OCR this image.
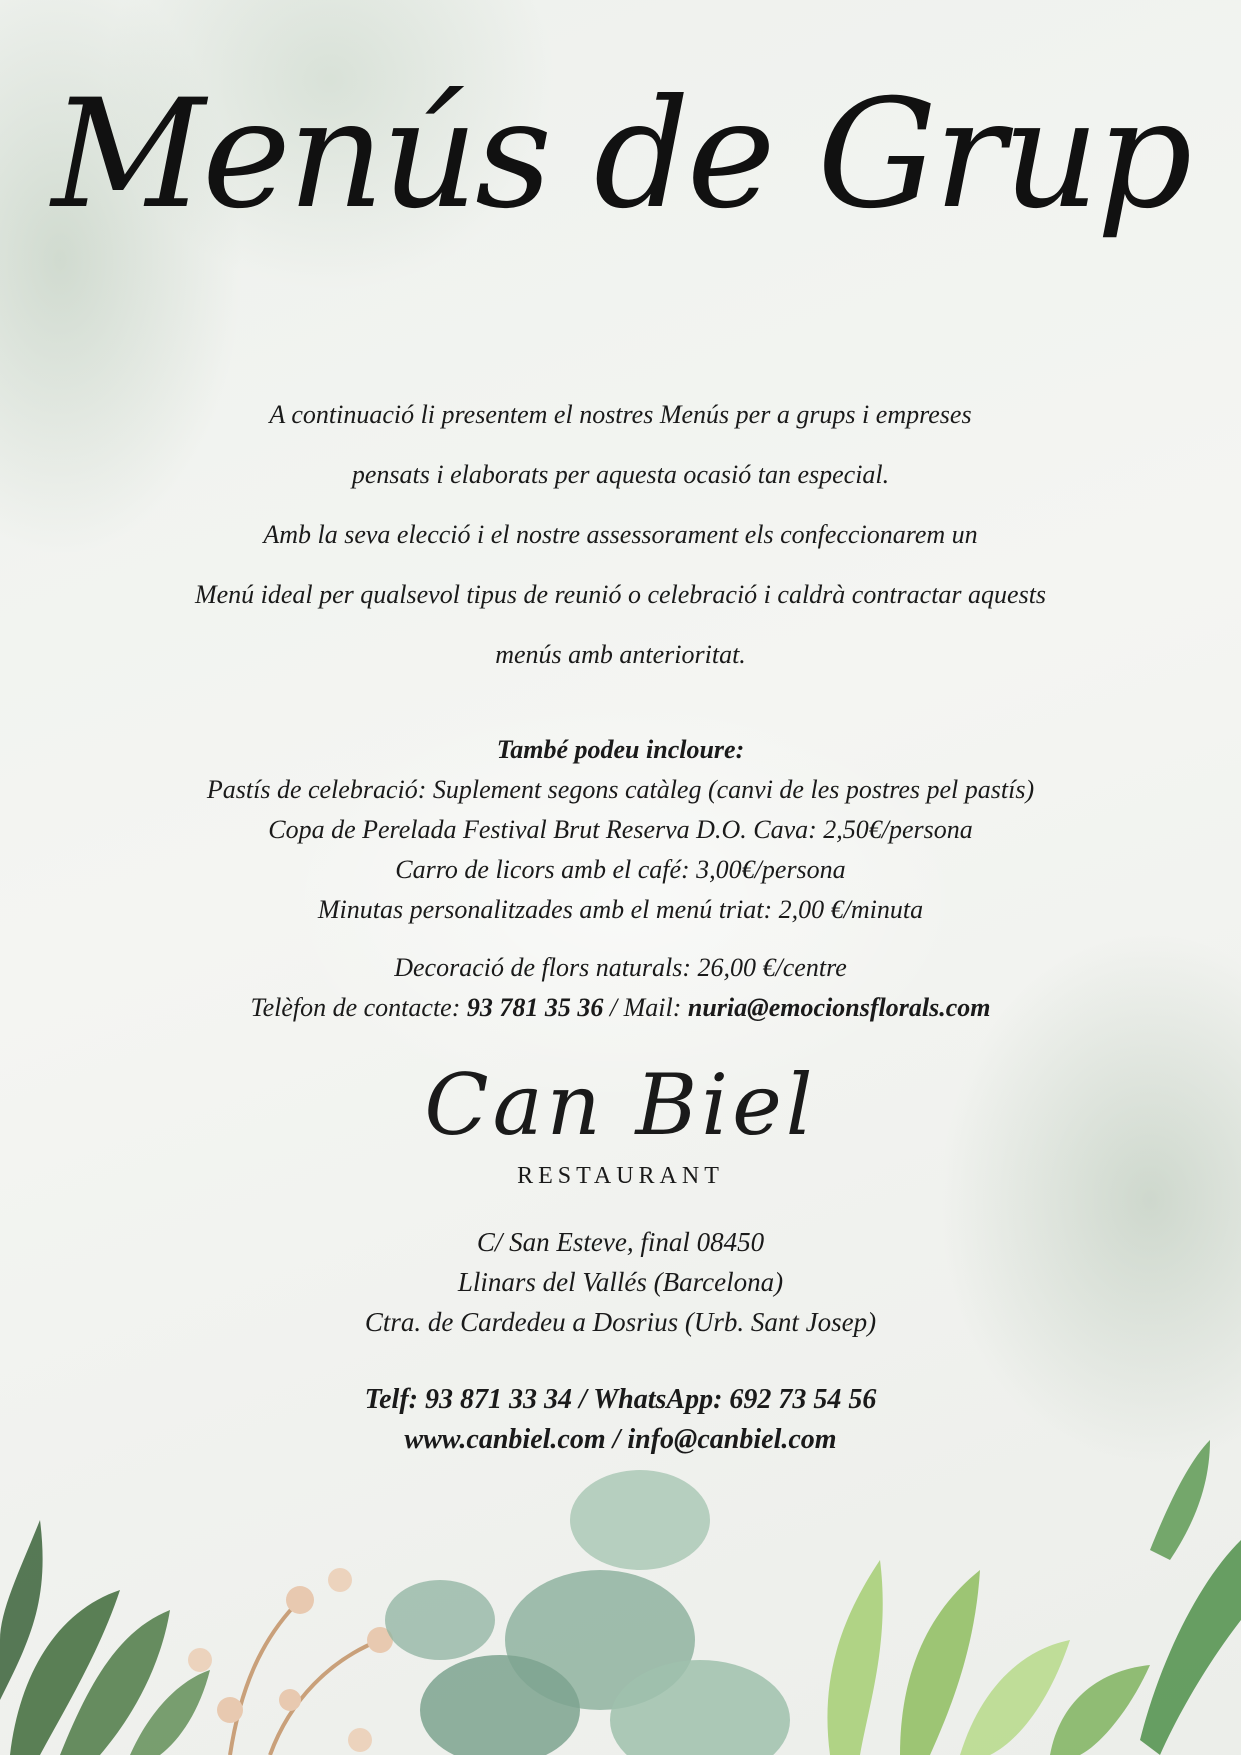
Menús de Grup

A continuació li presentem el nostres Menús per a grups i empreses

pensats i elaborats per aquesta ocasió tan especial.

Amb la seva elecció i el nostre assessorament els confeccionarem un

Menú ideal per qualsevol tipus de reunió o celebració i caldrà contractar aquests

menús amb anterioritat.

També podeu incloure:

Pastís de celebració: Suplement segons catàleg (canvi de les postres pel pastís)

Copa de Perelada Festival Brut Reserva D.O. Cava: 2,50€/persona

Carro de licors amb el café: 3,00€/persona

Minutas personalitzades amb el menú triat: 2,00 €/minuta

Decoració de flors naturals: 26,00 €/centre

Telèfon de contacte: 93 781 35 36 / Mail: nuria@emocionsflorals.com

Can Biel
RESTAURANT

C/ San Esteve, final 08450

Llinars del Vallés (Barcelona)

Ctra. de Cardedeu a Dosrius (Urb. Sant Josep)

Telf: 93 871 33 34 / WhatsApp: 692 73 54 56

www.canbiel.com / info@canbiel.com
